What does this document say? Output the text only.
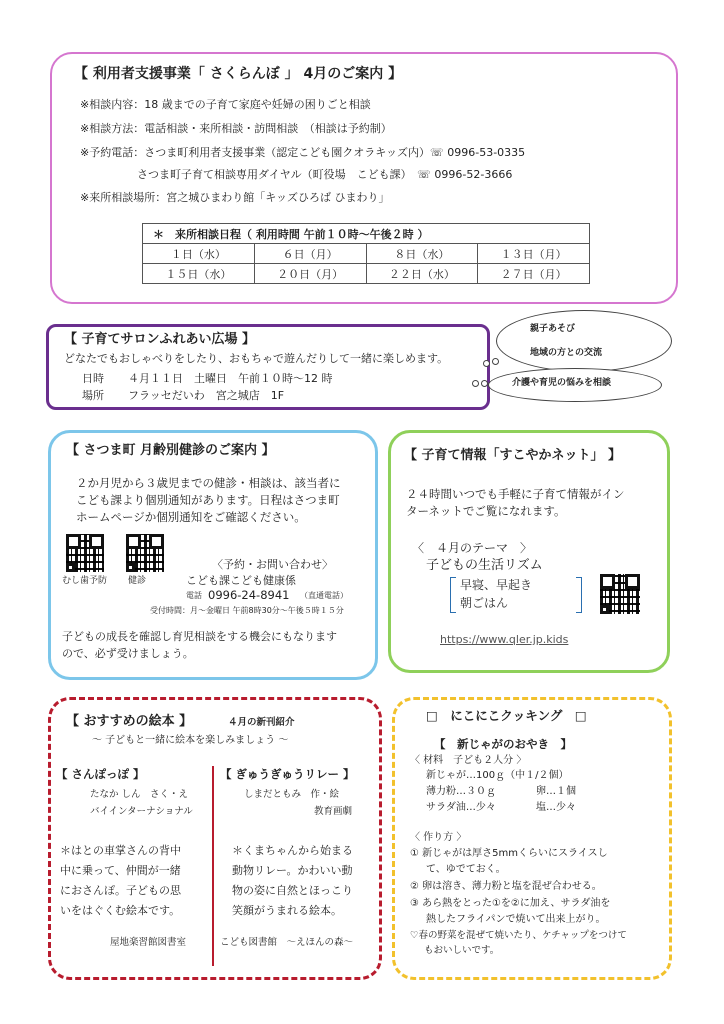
【 利用者支援事業「 さくらんぼ 」 4月のご案内 】
※相談内容：18 歳までの子育て家庭や妊婦の困りごと相談
※相談方法：電話相談・来所相談・訪問相談　（相談は予約制）
※予約電話：さつま町利用者支援事業（認定こども園クオラキッズ内）☏ 0996-53-0335
さつま町子育て相談専用ダイヤル（町役場　こども課）　☏ 0996-52-3666
※来所相談場所：宮之城ひまわり館「キッズひろば ひまわり」
＊　来所相談日程（ 利用時間 午前１０時～午後２時 ）			
１日（水）	６日（月）	８日（水）	１３日（月）
１５日（水）	２０日（月）	２２日（水）	２７日（月）
【 子育てサロンふれあい広場 】
どなたでもおしゃべりをしたり、おもちゃで遊んだりして一緒に楽しめます。
日時 ４月１１日　土曜日　午前１０時～12 時
場所 フラッセだいわ　宮之城店　1F
親子あそび
地域の方との交流
介護や育児の悩みを相談
【 さつま町 月齢別健診のご案内 】
２か月児から３歳児までの健診・相談は、該当者に
こども課より個別通知があります。日程はさつま町
ホームページか個別通知をご確認ください。
むし歯予防 健診
〈予約・お問い合わせ〉
こども課こども健康係
電話 0996-24-8941 （直通電話）
受付時間：月～金曜日 午前8時30分～午後５時１５分
子どもの成長を確認し育児相談をする機会にもなります
ので、必ず受けましょう。
【 子育て情報「すこやかネット」 】
２４時間いつでも手軽に子育て情報がイン
ターネットでご覧になれます。
〈　４月のテーマ　〉
子どもの生活リズム
早寝、早起き
朝ごはん
https://www.qler.jp.kids
【 おすすめの絵本 】	４月の新刊紹介
～ 子どもと一緒に絵本を楽しみましょう ～
【 さんぽっぽ 】
たなか しん　さく・え
バイインターナショナル
＊はとの車掌さんの背中
中に乗って、仲間が一緒
におさんぽ。子どもの思
いをはぐくむ絵本です。
屋地楽習館図書室
【 ぎゅうぎゅうリレー 】
しまだともみ　作・絵
教育画劇
＊くまちゃんから始まる
動物リレー。かわいい動
物の姿に自然とほっこり
笑顔がうまれる絵本。
こども図書館　～えほんの森～
□　にこにこクッキング　□
【　新じゃがのおやき　】
〈 材料　子ども２人分 〉
新じゃが…100ｇ（中１/２個）
薄力粉…３０ｇ	卵…１個
サラダ油…少々	塩…少々
〈 作り方 〉
① 新じゃがは厚さ5mmくらいにスライスし
て、ゆでておく。
② 卵は溶き、薄力粉と塩を混ぜ合わせる。
③ あら熱をとった①を②に加え、サラダ油を
熱したフライパンで焼いて出来上がり。
♡春の野菜を混ぜて焼いたり、ケチャップをつけて
もおいしいです。
